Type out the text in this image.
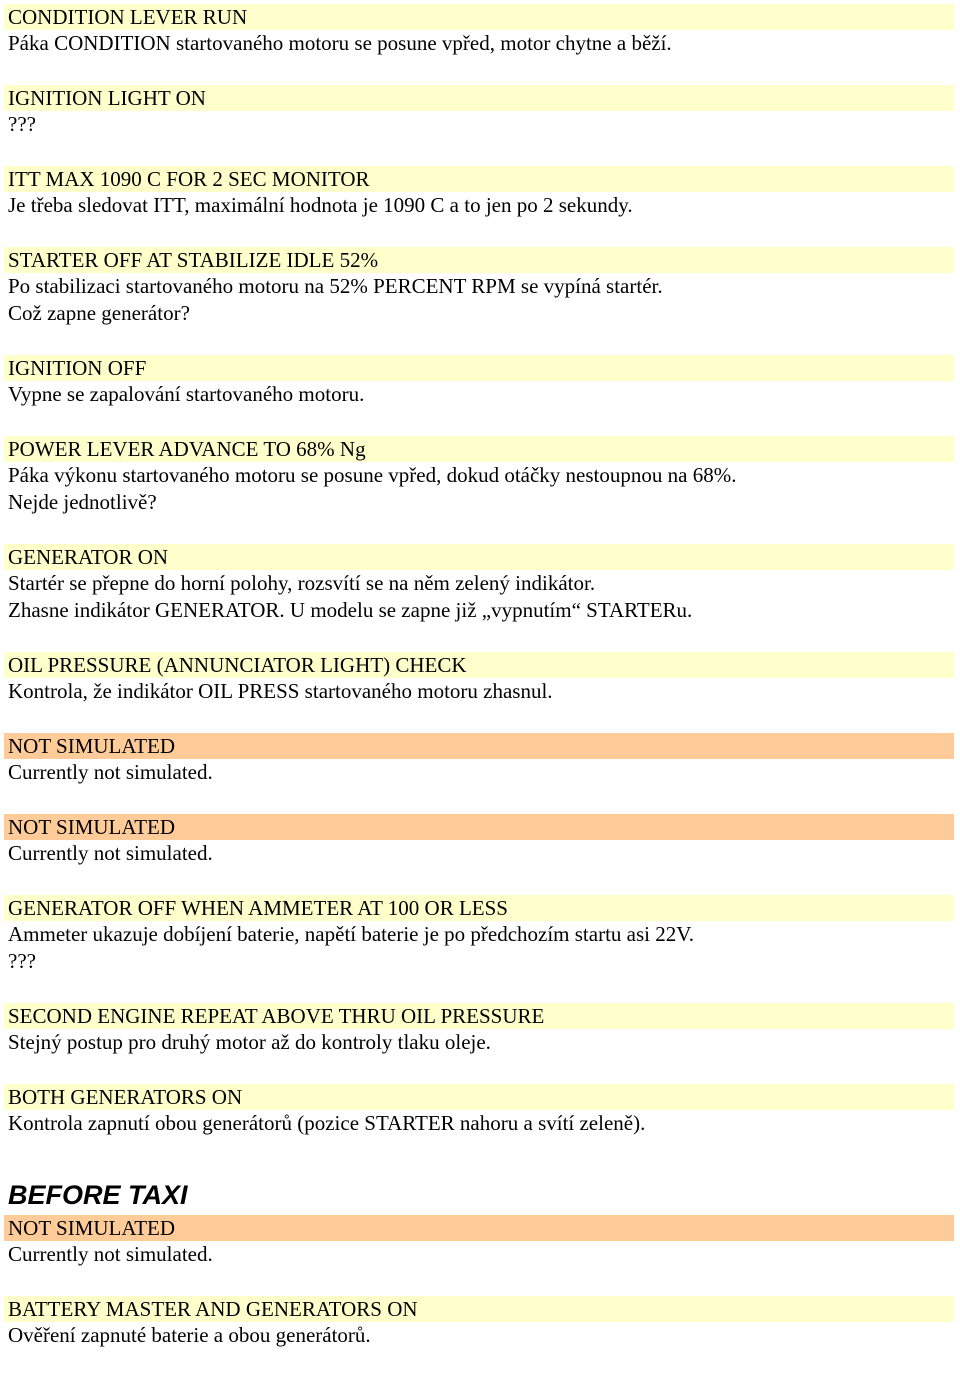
CONDITION LEVER RUN
Páka CONDITION startovaného motoru se posune vpřed, motor chytne a běží.
IGNITION LIGHT ON
???
ITT MAX 1090 C FOR 2 SEC MONITOR
Je třeba sledovat ITT, maximální hodnota je 1090 C a to jen po 2 sekundy.
STARTER OFF AT STABILIZE IDLE 52%
Po stabilizaci startovaného motoru na 52% PERCENT RPM se vypíná startér.
Což zapne generátor?
IGNITION OFF
Vypne se zapalování startovaného motoru.
POWER LEVER ADVANCE TO 68% Ng
Páka výkonu startovaného motoru se posune vpřed, dokud otáčky nestoupnou na 68%.
Nejde jednotlivě?
GENERATOR ON
Startér se přepne do horní polohy, rozsvítí se na něm zelený indikátor.
Zhasne indikátor GENERATOR. U modelu se zapne již „vypnutím“ STARTERu.
OIL PRESSURE (ANNUNCIATOR LIGHT) CHECK
Kontrola, že indikátor OIL PRESS startovaného motoru zhasnul.
NOT SIMULATED
Currently not simulated.
NOT SIMULATED
Currently not simulated.
GENERATOR OFF WHEN AMMETER AT 100 OR LESS
Ammeter ukazuje dobíjení baterie, napětí baterie je po předchozím startu asi 22V.
???
SECOND ENGINE REPEAT ABOVE THRU OIL PRESSURE
Stejný postup pro druhý motor až do kontroly tlaku oleje.
BOTH GENERATORS ON
Kontrola zapnutí obou generátorů (pozice STARTER nahoru a svítí zeleně).
BEFORE TAXI
NOT SIMULATED
Currently not simulated.
BATTERY MASTER AND GENERATORS ON
Ověření zapnuté baterie a obou generátorů.
